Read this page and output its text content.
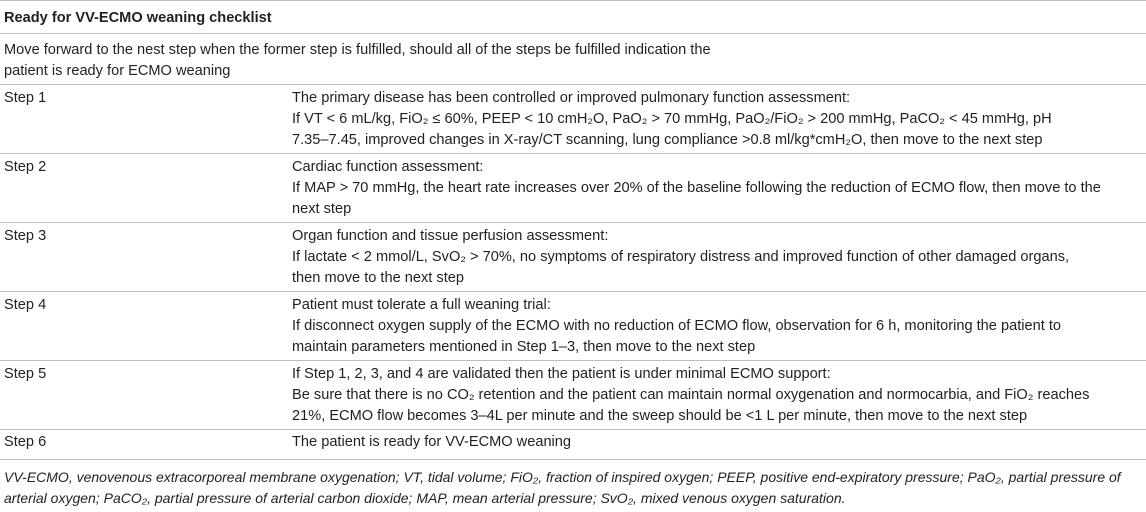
Ready for VV-ECMO weaning checklist
Move forward to the nest step when the former step is fulfilled, should all of the steps be fulfilled indication the
patient is ready for ECMO weaning
Step 1	The primary disease has been controlled or improved pulmonary function assessment:
If VT < 6 mL/kg, FiO₂ ≤ 60%, PEEP < 10 cmH₂O, PaO₂ > 70 mmHg, PaO₂/FiO₂ > 200 mmHg, PaCO₂ < 45 mmHg, pH
7.35–7.45, improved changes in X-ray/CT scanning, lung compliance >0.8 ml/kg*cmH₂O, then move to the next step
Step 2	Cardiac function assessment:
If MAP > 70 mmHg, the heart rate increases over 20% of the baseline following the reduction of ECMO flow, then move to the
next step
Step 3	Organ function and tissue perfusion assessment:
If lactate < 2 mmol/L, SvO₂ > 70%, no symptoms of respiratory distress and improved function of other damaged organs,
then move to the next step
Step 4	Patient must tolerate a full weaning trial:
If disconnect oxygen supply of the ECMO with no reduction of ECMO flow, observation for 6 h, monitoring the patient to
maintain parameters mentioned in Step 1–3, then move to the next step
Step 5	If Step 1, 2, 3, and 4 are validated then the patient is under minimal ECMO support:
Be sure that there is no CO₂ retention and the patient can maintain normal oxygenation and normocarbia, and FiO₂ reaches
21%, ECMO flow becomes 3–4L per minute and the sweep should be <1 L per minute, then move to the next step
Step 6	The patient is ready for VV-ECMO weaning
VV-ECMO, venovenous extracorporeal membrane oxygenation; VT, tidal volume; FiO₂, fraction of inspired oxygen; PEEP, positive end-expiratory pressure; PaO₂, partial pressure of
arterial oxygen; PaCO₂, partial pressure of arterial carbon dioxide; MAP, mean arterial pressure; SvO₂, mixed venous oxygen saturation.
